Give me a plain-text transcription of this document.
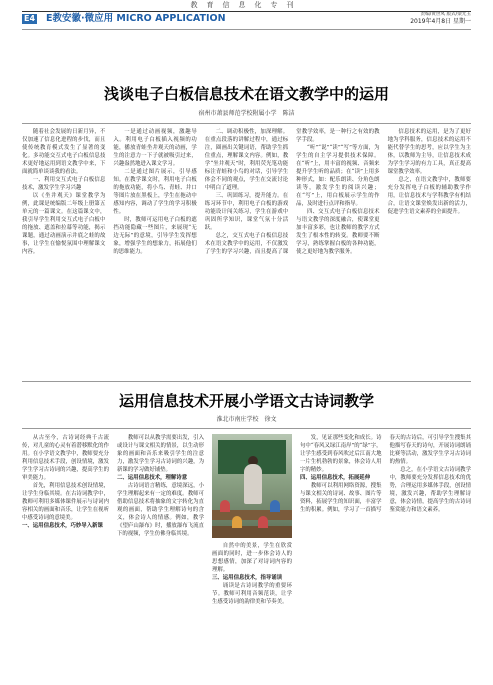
教育信息化专刊
E4 E教安徽·微应用 MICRO APPLICATION	责编/黄世凤 版式/梁光玉
2019年4月8日 星期一
浅谈电子白板信息技术在语文教学中的运用
宿州市萧县师范学校附属小学　陈洁

随着社会发展的日新月异，不仅加速了信息化进程的步伐，而且使传统教育模式发生了显著的变化。多功能交互式电子白板信息技术更好地运用到语文教学中来，下面就简单谈谈我的看法。

一、利用交互式电子白板信息技术，激发学生学习兴趣

以《坐井观天》课堂教学为例，此课是统编版二年级上册第五单元的一篇课文。在这篇课文中，我引导学生利用交互式电子白板中的拖放、遮盖和拉幕等功能，揭示课题，通过动画演示井底之蛙的故事，让学生在愉悦氛围中理解课文内容。

一是通过动画视频，激趣导入。利用电子白板插入视频的功能，播放青蛙坐井观天的动画，学生的注意力一下子就被吸引过来，兴趣盎然地进入课文学习。

二是通过图片展示，引导感知。在教学课文时，利用电子白板的拖放功能，将小鸟、青蛙、井口等图片放在黑板上，学生在拖动中感知内容，调动了学生的学习积极性。

时，教师可运用电子白板的遮挡功能隐藏一些图片，来展现“无边无际”的意境，引导学生发挥想象，增强学生的想象力，拓展他们的思维能力。

二、调动积极性，加深理解。在重点段落的讲解过程中，通过标注，圈画出关键词语，帮助学生抓住重点，理解课文内容。例如，教学“坐井观天”时，利用荧光笔功能标注青蛙和小鸟的对话，引导学生体会不同的观点，学生在交流讨论中明白了道理。

三、巩固练习，提升能力。在练习环节中，利用电子白板的游戏功能设计闯关练习，学生在游戏中巩固所学知识，课堂气氛十分活跃。

总之，交互式电子白板信息技术在语文教学中的运用，不仅激发了学生的学习兴趣，而且提高了课堂教学效率，是一种行之有效的教学手段。

“听”“说”“读”“写”等方面，为学生的自主学习提供技术保障。在“听”上，用丰富的视频、音频来提升学生听的品质；在“读”上用多种形式，如：配乐朗读、分角色朗读等，激发学生的阅读兴趣；在“写”上，用白板展示学生的作品，及时进行点评和指导。

四、交互式电子白板信息技术与语文教学的深度融合，使课堂更加丰富多彩，也让教师的教学方式发生了根本性的转变。教师要不断学习，熟练掌握白板的各种功能，使之更好地为教学服务。

信息技术的运用，是为了更好地为学科服务，信息技术的运用不能代替学生的思考，应以学生为主体，以教师为主导，让信息技术成为学生学习的有力工具，真正提高课堂教学效率。

总之，在语文教学中，教师要充分发挥电子白板的辅助教学作用，让信息技术与学科教学有机结合，让语文课堂焕发出新的活力，促进学生语文素养的全面提升。

运用信息技术开展小学语文古诗词教学
淮北市南庄学校　徐文

从古至今，古诗词经典千古流传，对儿童的心灵有着潜移默化的作用。在小学语文教学中，教师要充分利用信息技术手段，创设情境，激发学生学习古诗词的兴趣，提高学生的审美能力。

首先，利用信息技术创设情境，让学生身临其境。在古诗词教学中，教师可利用多媒体课件展示与诗词内容相关的画面和音乐，让学生在视听中感受诗词的意境美。

一、运用信息技术，巧妙导入新课

教师可以从教学需要出发，引入或设计与课文相关的情景，以生动形象的画面和音乐来吸引学生的注意力，激发学生学习古诗词的兴趣，为新课的学习做好铺垫。

二、运用信息技术，理解诗意

古诗词语言精练，意境深远，小学生理解起来有一定的难度。教师可借助信息技术将抽象的文字转化为直观的画面，帮助学生理解诗句的含义，体会诗人的情感。例如，教学《望庐山瀑布》时，播放瀑布飞流直下的视频，学生仿佛身临其境。

自然中的美景，学生在欣赏画面的同时，进一步体会诗人的思想感情，加深了对诗词内容的理解。

三、运用信息技术，指导诵读

诵读是古诗词教学的重要环节。教师可利用音频范读，让学生感受诗词的韵律美和节奏美。

发，见证那些变化和成长。诗句中“春风又绿江南岸”的“绿”字，让学生感受到春风吹过后江南大地一片生机勃勃的景象，体会诗人用字的精妙。

四、运用信息技术，拓展延伸

教师可以利用网络资源，搜集与课文相关的诗词、故事、图片等资料，拓展学生的知识面，丰富学生的积累。例如，学习了一首描写春天的古诗后，可引导学生搜集其他描写春天的诗句，开展诗词朗诵比赛等活动，激发学生学习古诗词的热情。

总之，在小学语文古诗词教学中，教师要充分发挥信息技术的优势，合理运用多媒体手段，创设情境，激发兴趣，帮助学生理解诗意，体会诗情，提高学生的古诗词鉴赏能力和语文素养。
